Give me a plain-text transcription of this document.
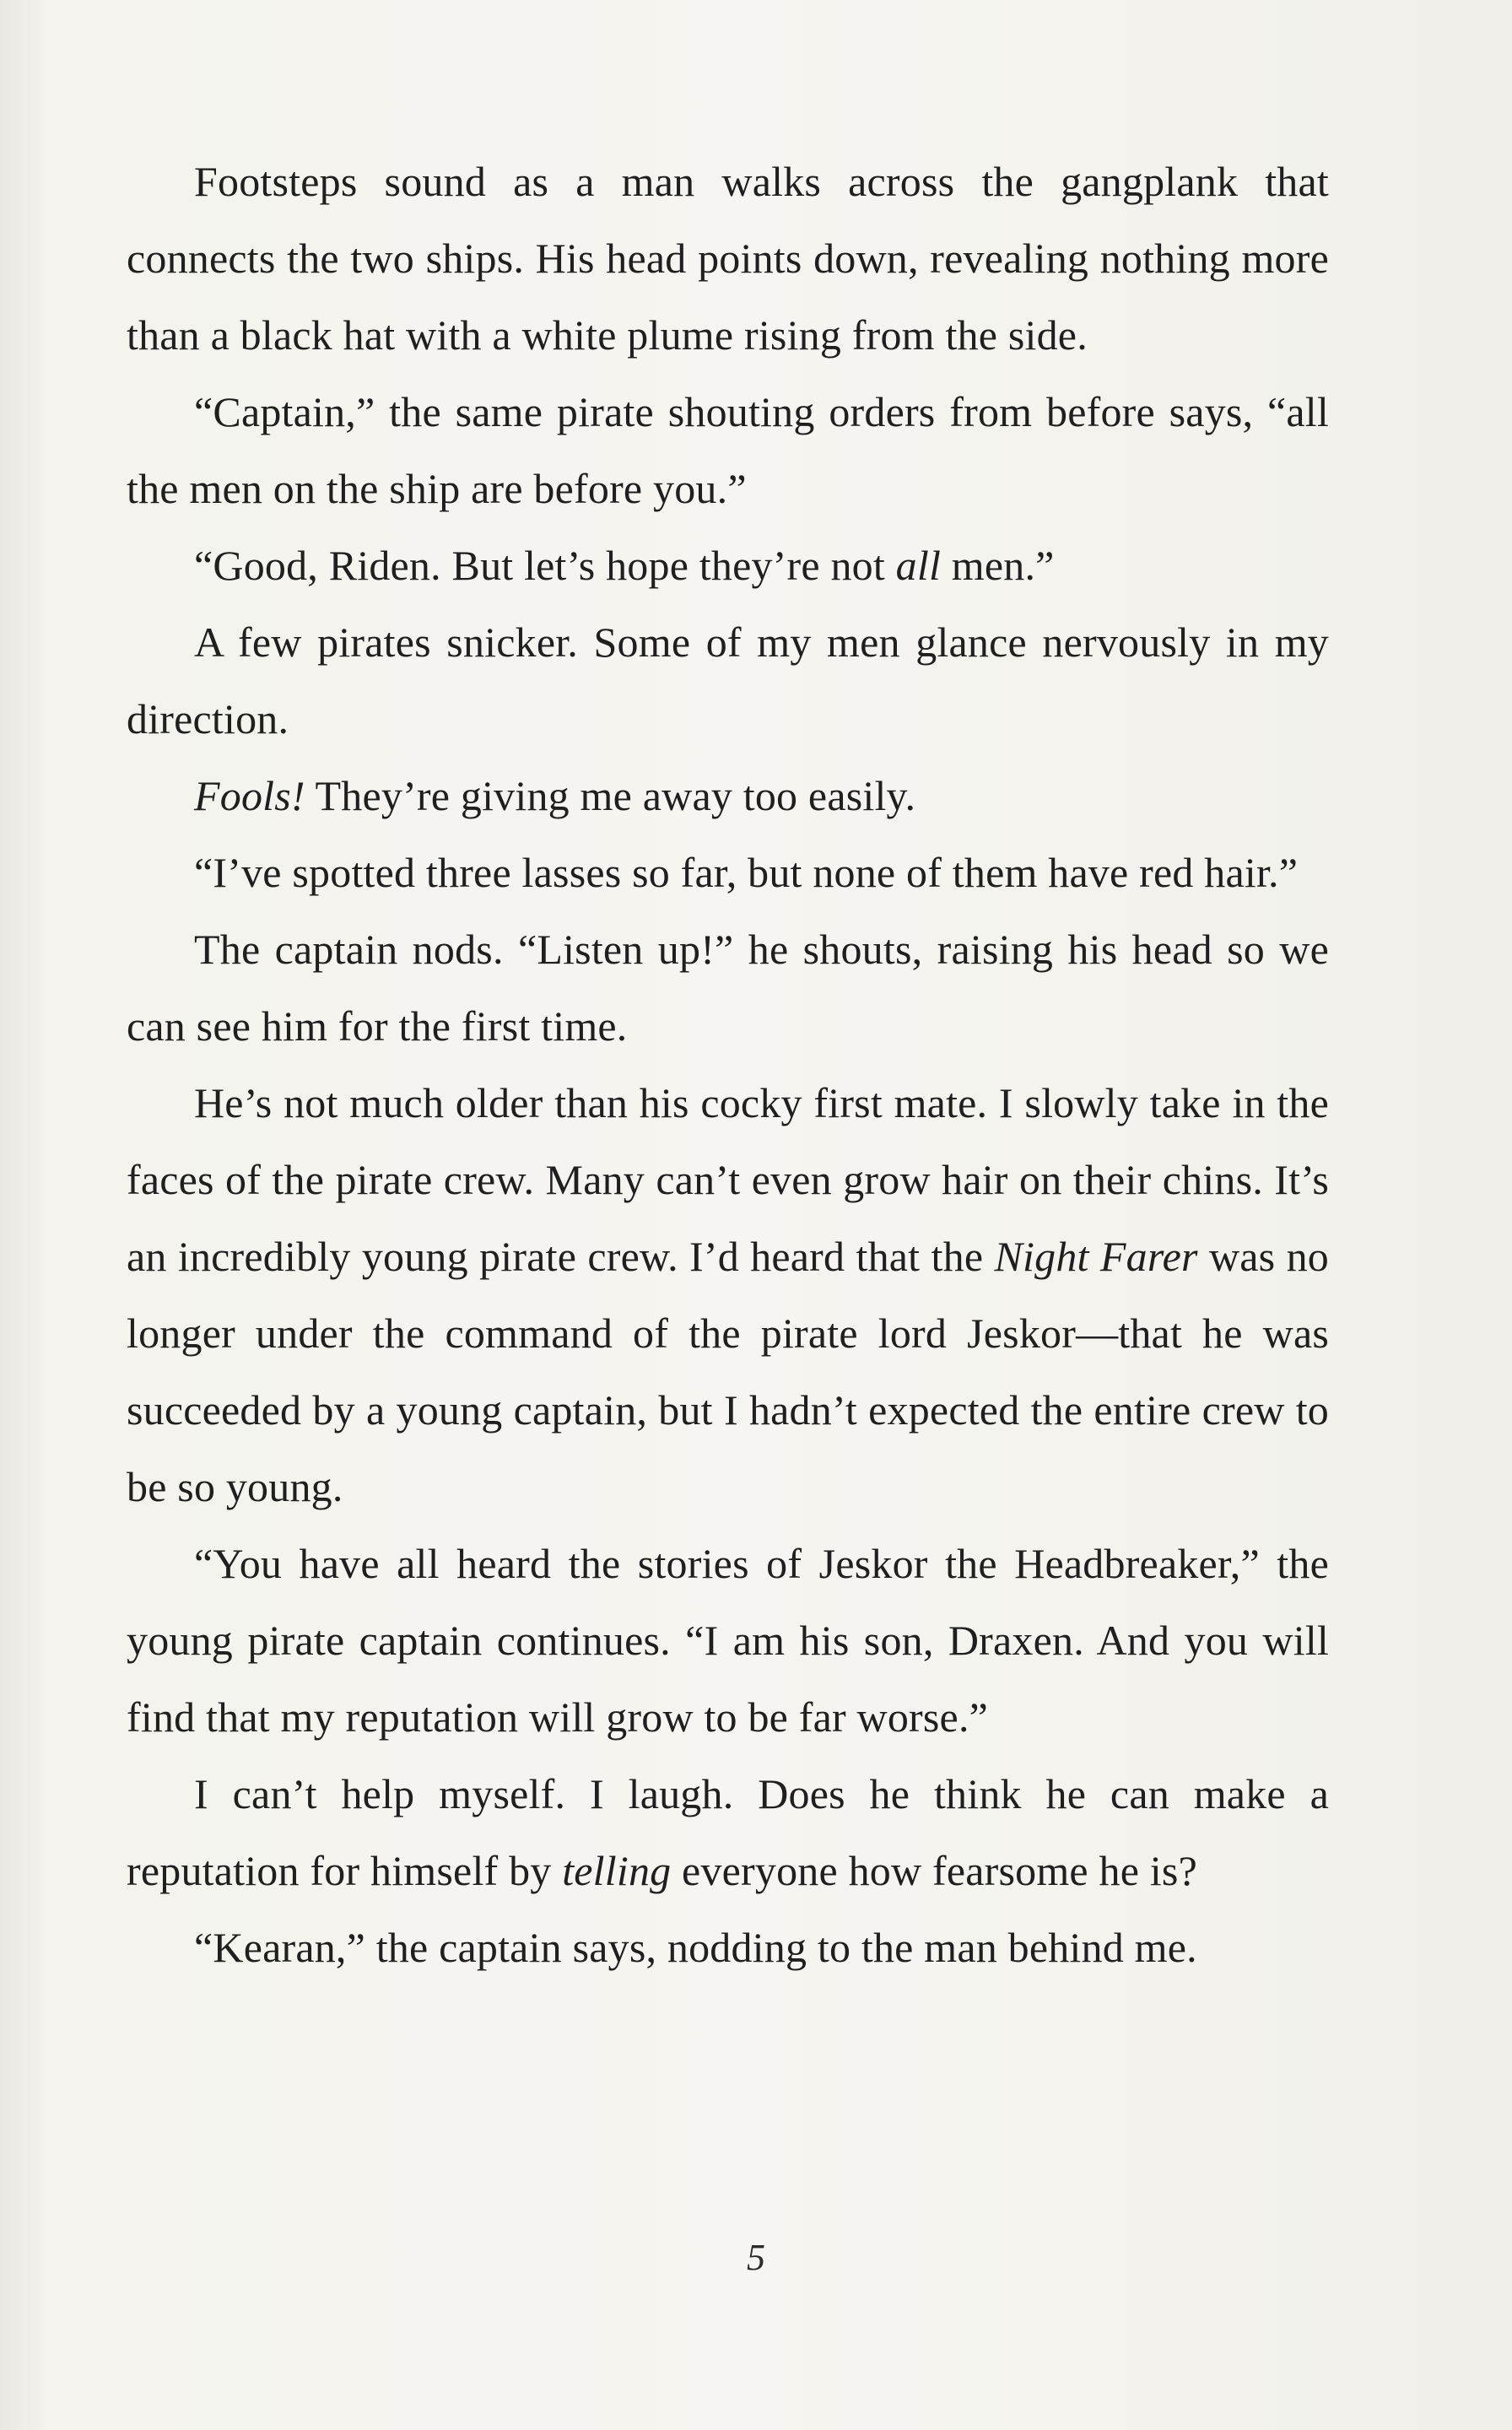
Footsteps sound as a man walks across the gangplank that connects the two ships. His head points down, revealing nothing more than a black hat with a white plume rising from the side.

“Captain,” the same pirate shouting orders from before says, “all the men on the ship are before you.”

“Good, Riden. But let’s hope they’re not all men.”

A few pirates snicker. Some of my men glance nervously in my direction.

Fools! They’re giving me away too easily.

“I’ve spotted three lasses so far, but none of them have red hair.”

The captain nods. “Listen up!” he shouts, raising his head so we can see him for the first time.

He’s not much older than his cocky first mate. I slowly take in the faces of the pirate crew. Many can’t even grow hair on their chins. It’s an incredibly young pirate crew. I’d heard that the Night Farer was no longer under the command of the pirate lord Jeskor—that he was succeeded by a young captain, but I hadn’t expected the entire crew to be so young.

“You have all heard the stories of Jeskor the Headbreaker,” the young pirate captain continues. “I am his son, Draxen. And you will find that my reputation will grow to be far worse.”

I can’t help myself. I laugh. Does he think he can make a reputation for himself by telling everyone how fearsome he is?

“Kearan,” the captain says, nodding to the man behind me.

5
